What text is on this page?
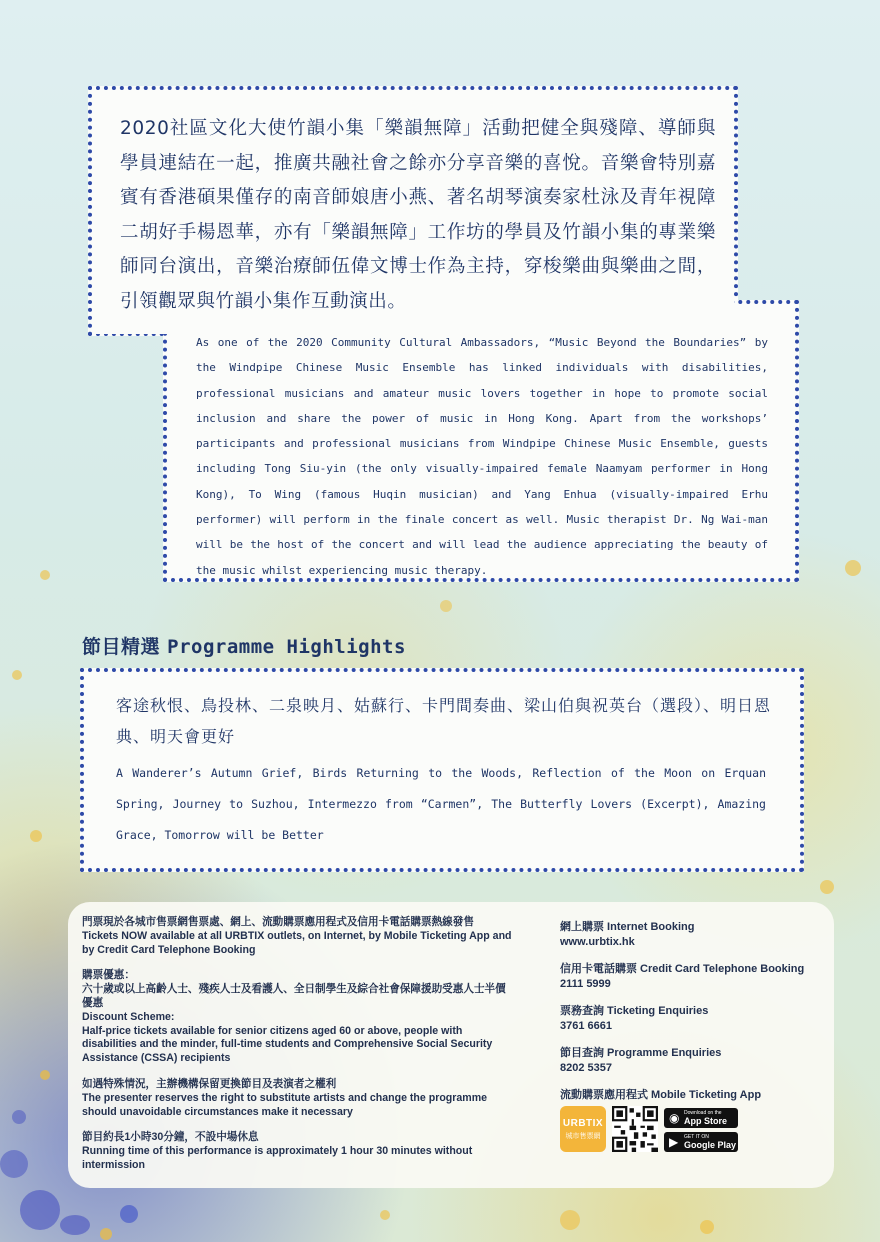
2020社區文化大使竹韻小集「樂韻無障」活動把健全與殘障、導師與學員連結在一起，推廣共融社會之餘亦分享音樂的喜悅。音樂會特別嘉賓有香港碩果僅存的南音師娘唐小燕、著名胡琴演奏家杜泳及青年視障二胡好手楊恩華，亦有「樂韻無障」工作坊的學員及竹韻小集的專業樂師同台演出，音樂治療師伍偉文博士作為主持，穿梭樂曲與樂曲之間，引領觀眾與竹韻小集作互動演出。
As one of the 2020 Community Cultural Ambassadors, “Music Beyond the Boundaries” by the Windpipe Chinese Music Ensemble has linked individuals with disabilities, professional musicians and amateur music lovers together in hope to promote social inclusion and share the power of music in Hong Kong. Apart from the workshops’ participants and professional musicians from Windpipe Chinese Music Ensemble, guests including Tong Siu-yin (the only visually-impaired female Naamyam performer in Hong Kong), To Wing (famous Huqin musician) and Yang Enhua (visually-impaired Erhu performer) will perform in the finale concert as well. Music therapist Dr. Ng Wai-man will be the host of the concert and will lead the audience appreciating the beauty of the music whilst experiencing music therapy.
節目精選 Programme Highlights
客途秋恨、鳥投林、二泉映月、姑蘇行、卡門間奏曲、梁山伯與祝英台（選段）、明日恩典、明天會更好
A Wanderer’s Autumn Grief, Birds Returning to the Woods, Reflection of the Moon on Erquan Spring, Journey to Suzhou, Intermezzo from “Carmen”, The Butterfly Lovers (Excerpt), Amazing Grace, Tomorrow will be Better

門票現於各城市售票網售票處、網上、流動購票應用程式及信用卡電話購票熱線發售
Tickets NOW available at all URBTIX outlets, on Internet, by Mobile Ticketing App and by Credit Card Telephone Booking

購票優惠：
六十歲或以上高齡人士、殘疾人士及看護人、全日制學生及綜合社會保障援助受惠人士半價優惠
Discount Scheme:
Half-price tickets available for senior citizens aged 60 or above, people with disabilities and the minder, full-time students and Comprehensive Social Security Assistance (CSSA) recipients

如遇特殊情況，主辦機構保留更換節目及表演者之權利
The presenter reserves the right to substitute artists and change the programme should unavoidable circumstances make it necessary

節目約長1小時30分鐘，不設中場休息
Running time of this performance is approximately 1 hour 30 minutes without intermission

網上購票 Internet Booking
www.urbtix.hk

信用卡電話購票 Credit Card Telephone Booking
2111 5999

票務查詢 Ticketing Enquiries
3761 6661

節目查詢 Programme Enquiries
8202 5357

流動購票應用程式 Mobile Ticketing App

URBTIX
城市售票網
◉ Download on the
App Store
▶ GET IT ON
Google Play
